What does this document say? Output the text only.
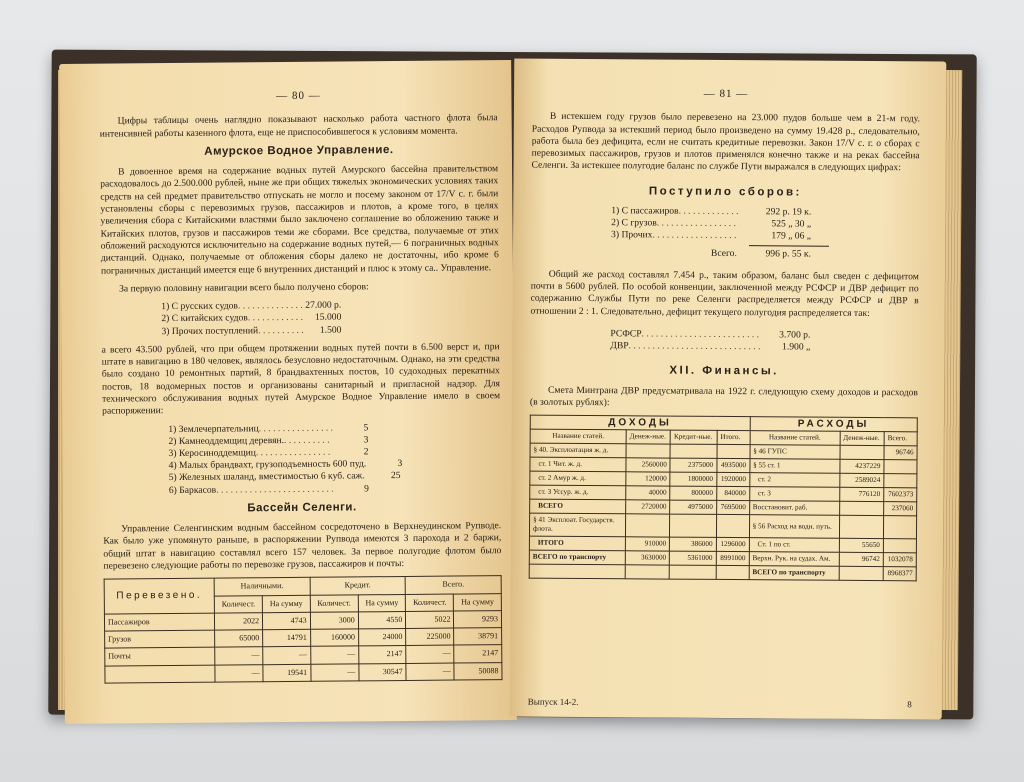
— 80 —

Цифры таблицы очень наглядно показывают насколько работа частного флота была интенсивней работы казенного флота, еще не приспособившегося к условиям момента.

Амурское Водное Управление.

В довоенное время на содержание водных путей Амурского бассейна правительством расходовалось до 2.500.000 рублей, ныне же при общих тяжелых экономических условиях таких средств на сей предмет правительство отпускать не могло и посему законом от 17/V с. г. были установлены сборы с перевозимых грузов, пассажиров и плотов, а кроме того, в целях увеличения сбора с Китайскими властями было заключено соглашение во обложению также и Китайских плотов, грузов и пассажиров теми же сборами. Все средства, получаемые от этих обложений расходуются исключительно на содержание водных путей,— 6 пограничных водных дистанций. Однако, получаемые от обложения сборы далеко не достаточны, ибо кроме 6 пограничных дистанций имеется еще 6 внутренних дистанций и плюс к этому са.. Управление.

За первую половину навигации всего было получено сборов:

1) С русских судов . . .	27.000 р.
2) С китайских судов . . .	15.000
3) Прочих поступлений . . .	1.500

а всего 43.500 рублей, что при общем протяжении водных путей почти в 6.500 верст и, при штате в навигацию в 180 человек, являлось безусловно недостаточным. Однако, на эти средства было создано 10 ремонтных партий, 8 брандвахтенных постов, 10 судоходных перекатных постов, 18 водомерных постов и организованы санитарный и пригласной надзор. Для технического обслуживания водных путей Амурское Водное Управление имело в своем распоряжении:

1) Землечерпательниц . . .	5
2) Камнеоддемщиц деревян. . . .	3
3) Керосиноддемщиц . . .	2
4) Малых брандвахт, грузоподъемность 600 пуд. . . .	3
5) Железных шаланд, вместимостью 6 куб. саж. . . .	25
6) Баркасов . . .	9
Бассейн Селенги.

Управление Селенгинским водным бассейном сосредоточено в Верхнеудинском Рупводе. Как было уже упомянуто раньше, в распоряжении Рупвода имеются 3 парохода и 2 баржи, общий штат в навигацию составлял всего 157 человек. За первое полугодие флотом было перевезено следующие работы по перевозке грузов, пассажиров и почты:

Перевезено.	Наличными.		Кредит.		Всего.	
	Количест.	На сумму	Количест.	На сумму	Количест.	На сумму
Пассажиров	2022	4743	3000	4550	5022	9293
Грузов	65000	14791	160000	24000	225000	38791
Почты	—	—	—	2147	—	2147
	—	19541	—	30547	—	50088
— 81 —

В истекшем году грузов было перевезено на 23.000 пудов больше чем в 21-м году. Расходов Рупвода за истекший период было произведено на сумму 19.428 р., следовательно, работа была без дефицита, если не считать кредитные перевозки. Закон 17/V с. г. о сборах с перевозимых пассажиров, грузов и плотов применялся конечно также и на реках бассейна Селенги. За истекшее полугодие баланс по службе Пути выражался в следующих цифрах:

Поступило сборов:
1) С пассажиров . . .	292 р. 19 к.
2) С грузов . . .	525 „ 30 „
3) Прочих . . .	179 „ 06 „
Всего . . .	996 р. 55 к.

Общий же расход составлял 7.454 р., таким образом, баланс был сведен с дефицитом почти в 5600 рублей. По особой конвенции, заключенной между РСФСР и ДВР дефицит по содержанию Службы Пути по реке Селенги распределяется между РСФСР и ДВР в отношении 2 : 1. Следовательно, дефицит текущего полугодия распределяется так:

РСФСР . . .	3.700 р.
ДВР . . .	1.900 „
XII. Финансы.

Смета Минтрана ДВР предусматривала на 1922 г. следующую схему доходов и расходов (в золотых рублях):

ДОХОДЫ				РАСХОДЫ		
Название статей.	Денеж-ные.	Кредит-ные.	Итого.	Название статей.	Денеж-ные.	Всего.
§ 40. Эксплоатация ж. д.				§ 46 ГУПС		96746
ст. 1 Чит. ж. д.	2560000	2375000	4935000	§ 55 ст. 1	4237229	
ст. 2 Амур ж. д.	120000	1800000	1920000	ст. 2	2589024	
ст. 3 Уссур. ж. д.	40000	800000	840000	ст. 3	776120	7602373
ВСЕГО	2720000	4975000	7695000	Восстановит. раб.		237060
§ 41 Эксплоат. Государств. флота.				§ 56 Расход на водн. путь.		
ИТОГО	910000	386000	1296000	Ст. 1 по ст.	55650	
ВСЕГО по транспорту	3630000	5361000	8991000	Верхн. Рук. на судах. Ам.	96742	1032078
				ВСЕГО по транспорту		8968377
Выпуск 14-2.	8
